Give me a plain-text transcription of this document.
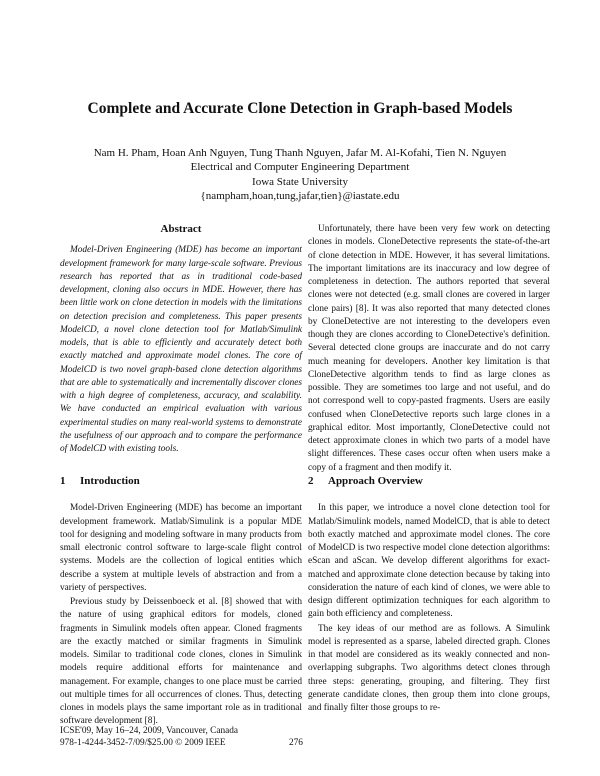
Complete and Accurate Clone Detection in Graph-based Models
Nam H. Pham, Hoan Anh Nguyen, Tung Thanh Nguyen, Jafar M. Al-Kofahi, Tien N. Nguyen
Electrical and Computer Engineering Department
Iowa State University
{nampham,hoan,tung,jafar,tien}@iastate.edu
Abstract

Model-Driven Engineering (MDE) has become an important development framework for many large-scale software. Previous research has reported that as in traditional code-based development, cloning also occurs in MDE. However, there has been little work on clone detection in models with the limitations on detection precision and completeness. This paper presents ModelCD, a novel clone detection tool for Matlab/Simulink models, that is able to efficiently and accurately detect both exactly matched and approximate model clones. The core of ModelCD is two novel graph-based clone detection algorithms that are able to systematically and incrementally discover clones with a high degree of completeness, accuracy, and scalability. We have conducted an empirical evaluation with various experimental studies on many real-world systems to demonstrate the usefulness of our approach and to compare the performance of ModelCD with existing tools.

Unfortunately, there have been very few work on detecting clones in models. CloneDetective represents the state-of-the-art of clone detection in MDE. However, it has several limitations. The important limitations are its inaccuracy and low degree of completeness in detection. The authors reported that several clones were not detected (e.g. small clones are covered in larger clone pairs) [8]. It was also reported that many detected clones by CloneDetective are not interesting to the developers even though they are clones according to CloneDetective's definition. Several detected clone groups are inaccurate and do not carry much meaning for developers. Another key limitation is that CloneDetective algorithm tends to find as large clones as possible. They are sometimes too large and not useful, and do not correspond well to copy-pasted fragments. Users are easily confused when CloneDetective reports such large clones in a graphical editor. Most importantly, CloneDetective could not detect approximate clones in which two parts of a model have slight differences. These cases occur often when users make a copy of a fragment and then modify it.

1 Introduction

Model-Driven Engineering (MDE) has become an important development framework. Matlab/Simulink is a popular MDE tool for designing and modeling software in many products from small electronic control software to large-scale flight control systems. Models are the collection of logical entities which describe a system at multiple levels of abstraction and from a variety of perspectives.

Previous study by Deissenboeck et al. [8] showed that with the nature of using graphical editors for models, cloned fragments in Simulink models often appear. Cloned fragments are the exactly matched or similar fragments in Simulink models. Similar to traditional code clones, clones in Simulink models require additional efforts for maintenance and management. For example, changes to one place must be carried out multiple times for all occurrences of clones. Thus, detecting clones in models plays the same important role as in traditional software development [8].

2 Approach Overview

In this paper, we introduce a novel clone detection tool for Matlab/Simulink models, named ModelCD, that is able to detect both exactly matched and approximate model clones. The core of ModelCD is two respective model clone detection algorithms: eScan and aScan. We develop different algorithms for exact-matched and approximate clone detection because by taking into consideration the nature of each kind of clones, we were able to design different optimization techniques for each algorithm to gain both efficiency and completeness.

The key ideas of our method are as follows. A Simulink model is represented as a sparse, labeled directed graph. Clones in that model are considered as its weakly connected and non-overlapping subgraphs. Two algorithms detect clones through three steps: generating, grouping, and filtering. They first generate candidate clones, then group them into clone groups, and finally filter those groups to re-

ICSE'09, May 16–24, 2009, Vancouver, Canada
978-1-4244-3452-7/09/$25.00 © 2009 IEEE	276
